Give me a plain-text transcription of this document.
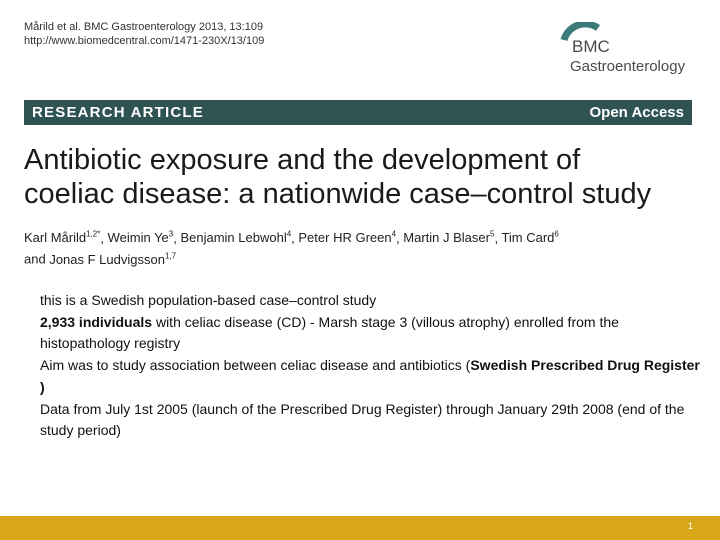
Mårild et al. BMC Gastroenterology 2013, 13:109
http://www.biomedcentral.com/1471-230X/13/109	BMC
Gastroenterology
RESEARCH ARTICLE	Open Access
Antibiotic exposure and the development of
coeliac disease: a nationwide case–control study
Karl Mårild$^{1,2*}$, Weimin Ye$^3$, Benjamin Lebwohl$^4$, Peter HR Green$^4$, Martin J Blaser$^5$, Tim Card$^6$
and Jonas F Ludvigsson$^{1,7}$
this is a Swedish population-based case–control study
2,933 individuals with celiac disease (CD) - Marsh stage 3 (villous atrophy) enrolled from the histopathology registry
Aim was to study association between celiac disease and antibiotics (Swedish Prescribed Drug Register )
Data from July 1st 2005 (launch of the Prescribed Drug Register) through January 29th 2008 (end of the study period)
1
